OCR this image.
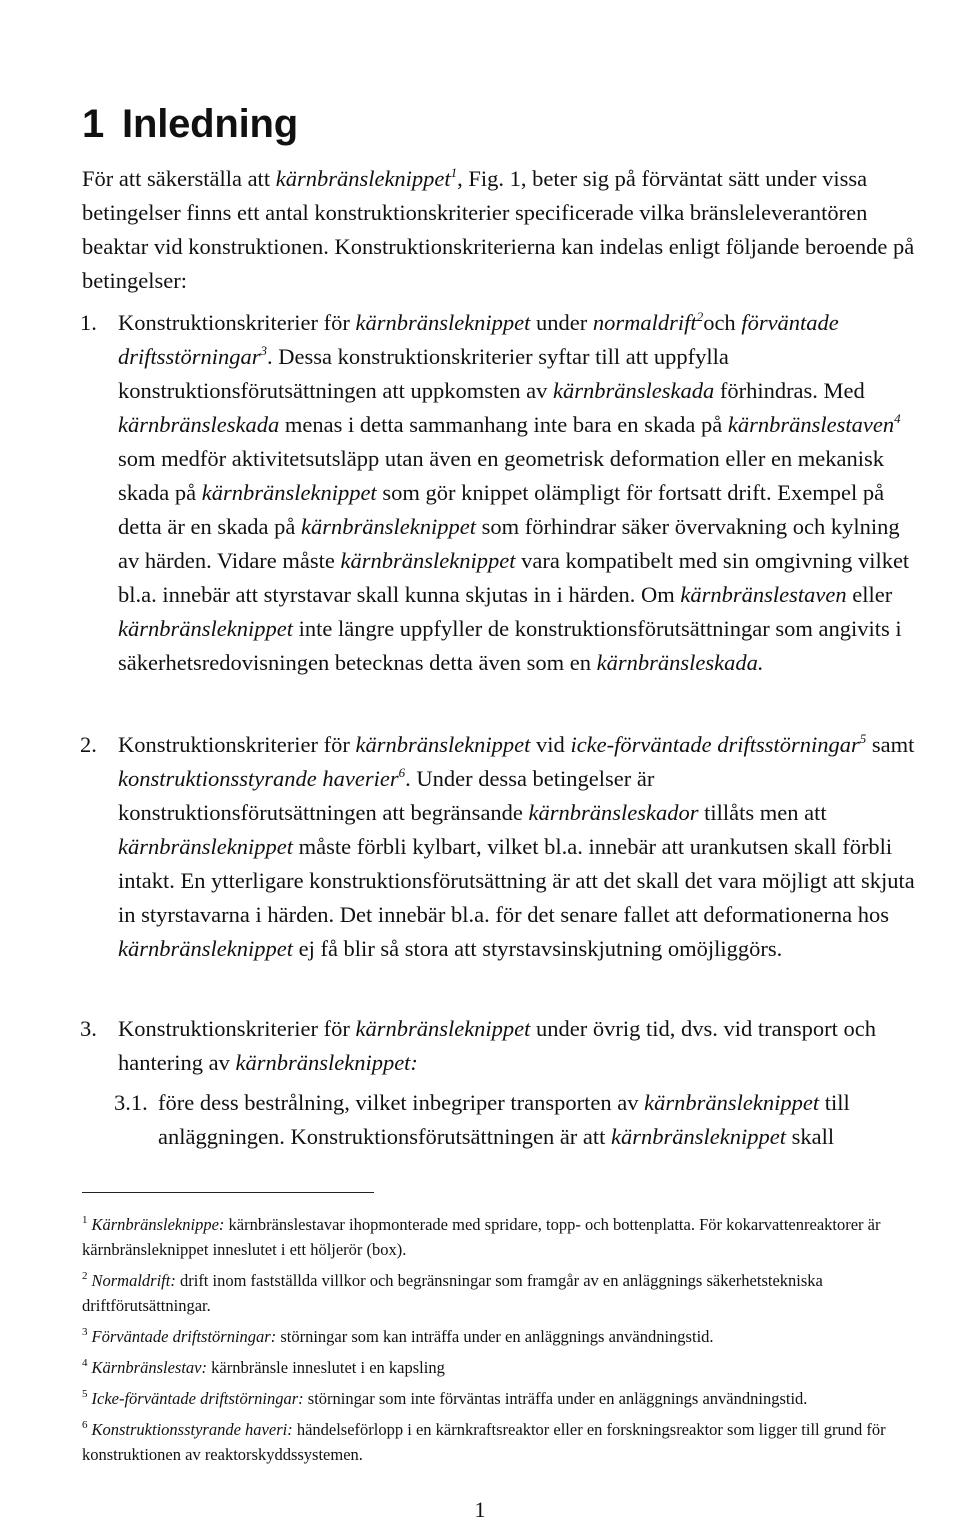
1 Inledning

För att säkerställa att kärnbränsleknippet$^1$, Fig. 1, beter sig på förväntat sätt under vissa betingelser finns ett antal konstruktionskriterier specificerade vilka bränsleleverantören beaktar vid konstruktionen. Konstruktionskriterierna kan indelas enligt följande beroende på betingelser:

1. Konstruktionskriterier för kärnbränsleknippet under normaldrift$^2$och förväntade driftsstörningar$^3$. Dessa konstruktionskriterier syftar till att uppfylla konstruktionsförutsättningen att uppkomsten av kärnbränsleskada förhindras. Med kärnbränsleskada menas i detta sammanhang inte bara en skada på kärnbränslestaven$^4$ som medför aktivitetsutsläpp utan även en geometrisk deformation eller en mekanisk skada på kärnbränsleknippet som gör knippet olämpligt för fortsatt drift. Exempel på detta är en skada på kärnbränsleknippet som förhindrar säker övervakning och kylning av härden. Vidare måste kärnbränsleknippet vara kompatibelt med sin omgivning vilket bl.a. innebär att styrstavar skall kunna skjutas in i härden. Om kärnbränslestaven eller kärnbränsleknippet inte längre uppfyller de konstruktionsförutsättningar som angivits i säkerhetsredovisningen betecknas detta även som en kärnbränsleskada.

2. Konstruktionskriterier för kärnbränsleknippet vid icke-förväntade driftsstörningar$^5$ samt konstruktionsstyrande haverier$^6$. Under dessa betingelser är konstruktionsförutsättningen att begränsande kärnbränsleskador tillåts men att kärnbränsleknippet måste förbli kylbart, vilket bl.a. innebär att urankutsen skall förbli intakt. En ytterligare konstruktionsförutsättning är att det skall det vara möjligt att skjuta in styrstavarna i härden. Det innebär bl.a. för det senare fallet att deformationerna hos kärnbränsleknippet ej få blir så stora att styrstavsinskjutning omöjliggörs.

3. Konstruktionskriterier för kärnbränsleknippet under övrig tid, dvs. vid transport och hantering av kärnbränsleknippet:

3.1. före dess bestrålning, vilket inbegriper transporten av kärnbränsleknippet till anläggningen. Konstruktionsförutsättningen är att kärnbränsleknippet skall

$^1$ Kärnbränsleknippe: kärnbränslestavar ihopmonterade med spridare, topp- och bottenplatta. För kokarvattenreaktorer är kärnbränsleknippet inneslutet i ett höljerör (box).

$^2$ Normaldrift: drift inom fastställda villkor och begränsningar som framgår av en anläggnings säkerhetstekniska driftförutsättningar.

$^3$ Förväntade driftstörningar: störningar som kan inträffa under en anläggnings användningstid.

$^4$ Kärnbränslestav: kärnbränsle inneslutet i en kapsling

$^5$ Icke-förväntade driftstörningar: störningar som inte förväntas inträffa under en anläggnings användningstid.

$^6$ Konstruktionsstyrande haveri: händelseförlopp i en kärnkraftsreaktor eller en forskningsreaktor som ligger till grund för konstruktionen av reaktorskyddssystemen.

1
